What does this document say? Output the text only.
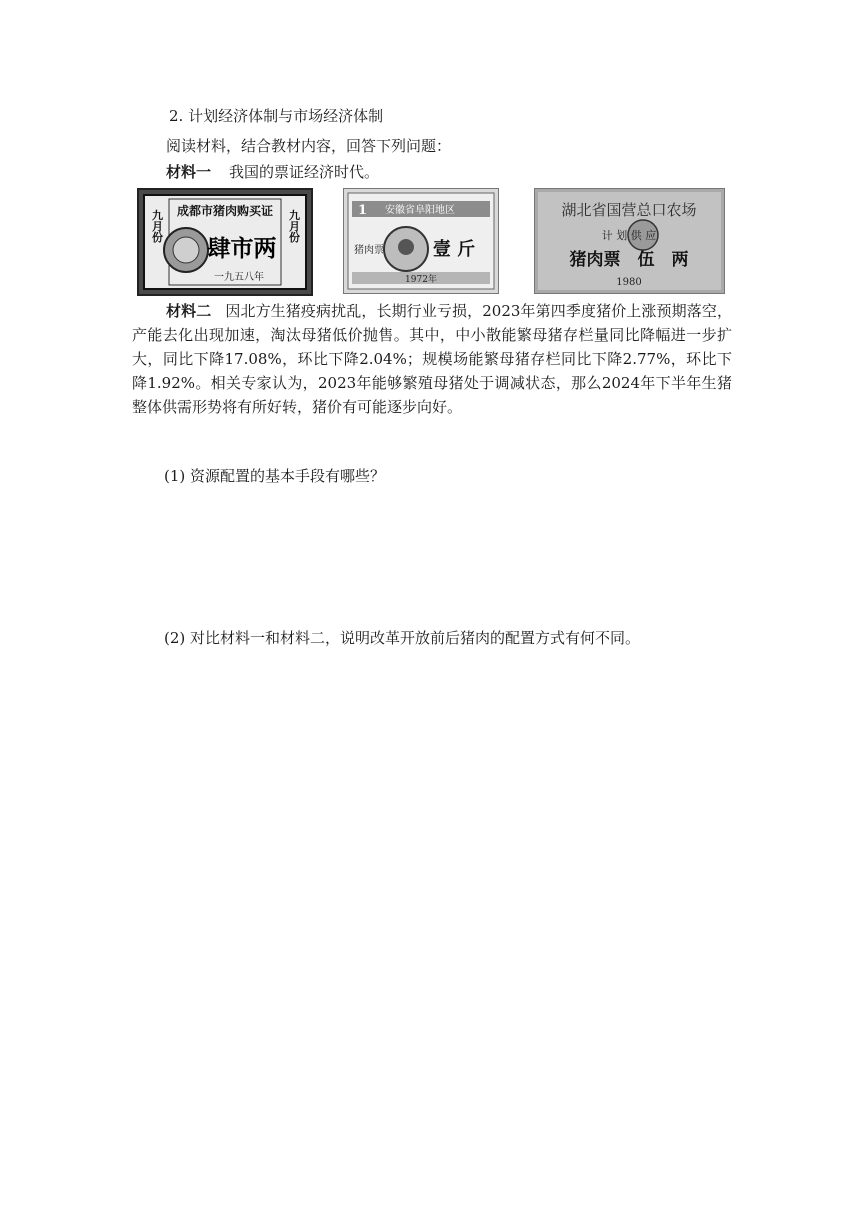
2. 计划经济体制与市场经济体制
阅读材料，结合教材内容，回答下列问题：
材料一 我国的票证经济时代。
成都市猪肉购买证
肆市两
一九五八年
九月份	九月份	1 安徽省阜阳地区
猪肉票	壹 斤
1972年
湖北省国营总口农场
计 划 供 应
猪肉票　伍　两
1980
材料二 因北方生猪疫病扰乱，长期行业亏损，2023年第四季度猪价上涨预期落空，产能去化出现加速，淘汰母猪低价抛售。其中，中小散能繁母猪存栏量同比降幅进一步扩大，同比下降17.08%，环比下降2.04%；规模场能繁母猪存栏同比下降2.77%，环比下降1.92%。相关专家认为，2023年能够繁殖母猪处于调减状态，那么2024年下半年生猪整体供需形势将有所好转，猪价有可能逐步向好。
(1) 资源配置的基本手段有哪些？
(2) 对比材料一和材料二，说明改革开放前后猪肉的配置方式有何不同。
